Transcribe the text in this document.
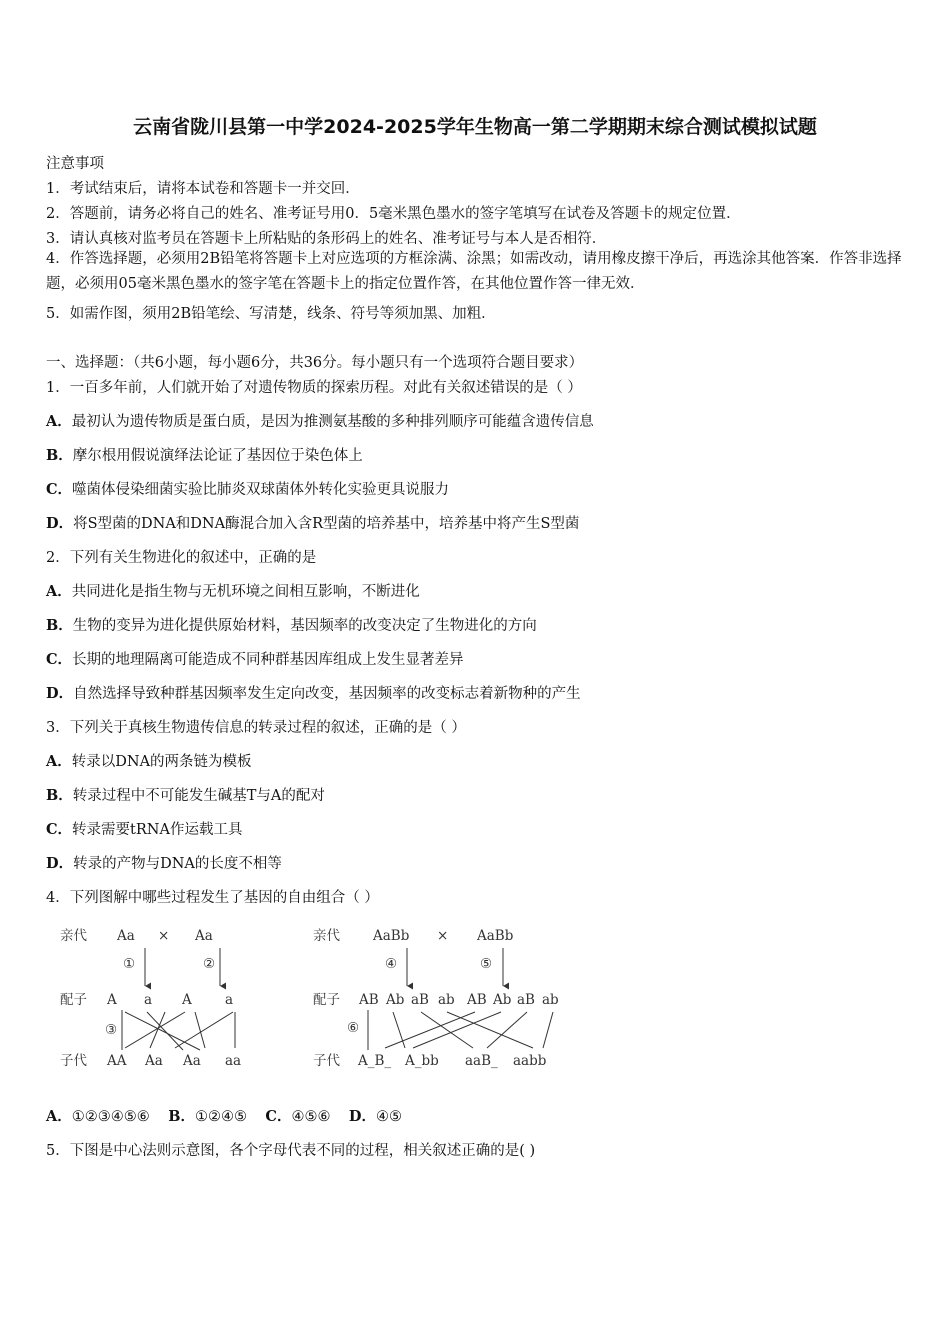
云南省陇川县第一中学2024-2025学年生物高一第二学期期末综合测试模拟试题
注意事项
1．考试结束后，请将本试卷和答题卡一并交回．
2．答题前，请务必将自己的姓名、准考证号用0．5毫米黑色墨水的签字笔填写在试卷及答题卡的规定位置．
3．请认真核对监考员在答题卡上所粘贴的条形码上的姓名、准考证号与本人是否相符．
4．作答选择题，必须用2B铅笔将答题卡上对应选项的方框涂满、涂黑；如需改动，请用橡皮擦干净后，再选涂其他答案．作答非选择题，必须用05毫米黑色墨水的签字笔在答题卡上的指定位置作答，在其他位置作答一律无效．
5．如需作图，须用2B铅笔绘、写清楚，线条、符号等须加黑、加粗．
一、选择题：（共6小题，每小题6分，共36分。每小题只有一个选项符合题目要求）
1．一百多年前，人们就开始了对遗传物质的探索历程。对此有关叙述错误的是（ ）
A．最初认为遗传物质是蛋白质，是因为推测氨基酸的多种排列顺序可能蕴含遗传信息
B．摩尔根用假说演绎法论证了基因位于染色体上
C．噬菌体侵染细菌实验比肺炎双球菌体外转化实验更具说服力
D．将S型菌的DNA和DNA酶混合加入含R型菌的培养基中，培养基中将产生S型菌
2．下列有关生物进化的叙述中，正确的是
A．共同进化是指生物与无机环境之间相互影响，不断进化
B．生物的变异为进化提供原始材料，基因频率的改变决定了生物进化的方向
C．长期的地理隔离可能造成不同种群基因库组成上发生显著差异
D．自然选择导致种群基因频率发生定向改变，基因频率的改变标志着新物种的产生
3．下列关于真核生物遗传信息的转录过程的叙述，正确的是（ ）
A．转录以DNA的两条链为模板
B．转录过程中不可能发生碱基T与A的配对
C．转录需要tRNA作运载工具
D．转录的产物与DNA的长度不相等
4．下列图解中哪些过程发生了基因的自由组合（ ）
亲代 Aa × Aa
①	②
配子 A a A a
③
子代 AA Aa Aa aa
亲代 AaBb × AaBb
④	⑤
配子 AB Ab aB ab AB Ab aB ab
⑥
子代 A_B_ A_bb aaB_ aabb
A．①②③④⑤⑥ B．①②④⑤ C．④⑤⑥ D．④⑤
5．下图是中心法则示意图，各个字母代表不同的过程，相关叙述正确的是( )
